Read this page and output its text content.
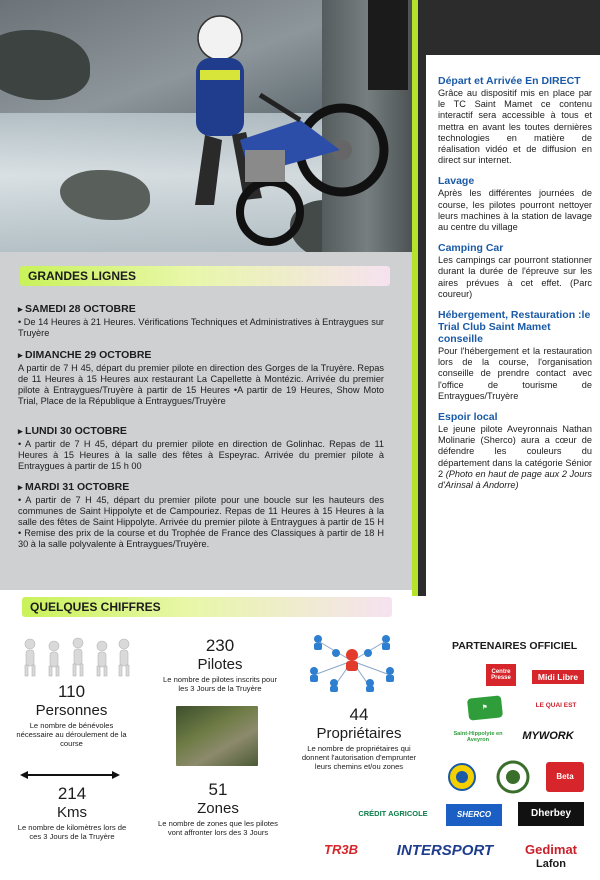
Départ et Arrivée En DIRECT

Grâce au dispositif mis en place par le TC Saint Mamet ce contenu interactif sera accessible à tous et mettra en avant les toutes dernières technologies en matière de réalisation vidéo et de diffusion en direct sur internet.

Lavage

Après les différentes journées de course, les pilotes pourront nettoyer leurs machines à la station de lavage au centre du village

Camping Car

Les campings car pourront stationner durant la durée de l'épreuve sur les aires prévues à cet effet. (Parc coureur)

Hébergement, Restauration :le Trial Club Saint Mamet conseille

Pour l'hébergement et la restauration lors de la course, l'organisation conseille de prendre contact avec l'office de tourisme de Entraygues/Truyère

Espoir local

Le jeune pilote Aveyronnais Nathan Molinarie (Sherco) aura a cœur de défendre les couleurs du département dans la catégorie Sénior 2 (Photo en haut de page aux 2 Jours d'Arinsal à Andorre)

GRANDES LIGNES
▸ SAMEDI 28 OCTOBRE

• De 14 Heures à 21 Heures. Vérifications Techniques et Administratives à Entraygues sur Truyère

▸ DIMANCHE 29 OCTOBRE

A partir de 7 H 45, départ du premier pilote en direction des Gorges de la Truyère. Repas de 11 Heures à 15 Heures aux restaurant La Capellette à Montézic. Arrivée du premier pilote à Entraygues/Truyère à partir de 15 Heures •A partir de 19 Heures, Show Moto Trial, Place de la République à Entraygues/Truyère

▸ LUNDI 30 OCTOBRE

• A partir de 7 H 45, départ du premier pilote en direction de Golinhac. Repas de 11 Heures à 15 Heures à la salle des fêtes à Espeyrac. Arrivée du premier pilote à Entraygues à partir de 15 h 00

▸ MARDI 31 OCTOBRE

• A partir de 7 H 45, départ du premier pilote pour une boucle sur les hauteurs des communes de Saint Hippolyte et de Campouriez. Repas de 11 Heures à 15 Heures à la salle des fêtes de Saint Hippolyte. Arrivée du premier pilote à Entraygues à partir de 15 H • Remise des prix de la course et du Trophée de France des Classiques à partir de 18 H 30 à la salle polyvalente à Entraygues/Truyère.

QUELQUES CHIFFRES
110
Personnes
Le nombre de bénévoles nécessaire au déroulement de la course
230
Pilotes
Le nombre de pilotes inscrits pour les 3 Jours de la Truyère
44
Propriétaires
Le nombre de propriétaires qui donnent l'autorisation d'emprunter leurs chemins et/ou zones
214
Kms
Le nombre de kilomètres lors de ces 3 Jours de la Truyère
51
Zones
Le nombre de zones que les pilotes vont affronter lors des 3 Jours
PARTENAIRES OFFICIEL
Centre Presse	Midi Libre
⚑	LE QUAI EST
Saint-Hippolyte en Aveyron	MYWORK
Beta
CRÉDIT AGRICOLE	SHERCO	Dherbey
TR3B	INTERSPORT	Gedimat
Lafon
